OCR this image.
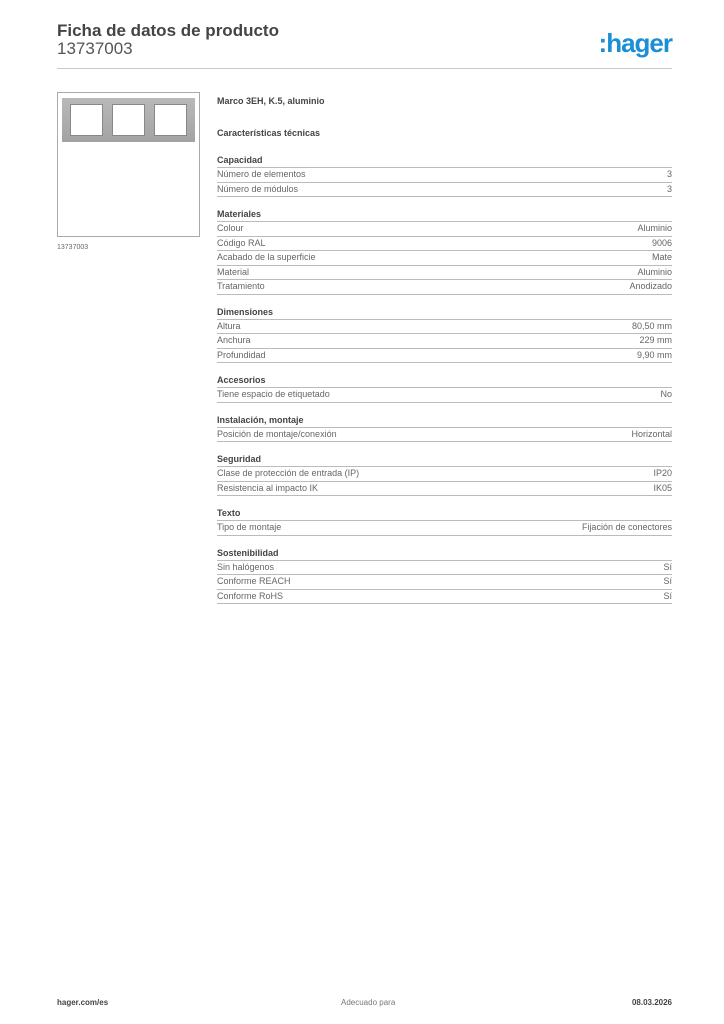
Ficha de datos de producto
13737003	:hager
13737003
Marco 3EH, K.5, aluminio
Características técnicas
Capacidad
Número de elementos	3
Número de módulos	3
Materiales
Colour	Aluminio
Código RAL	9006
Acabado de la superficie	Mate
Material	Aluminio
Tratamiento	Anodizado
Dimensiones
Altura	80,50 mm
Anchura	229 mm
Profundidad	9,90 mm
Accesorios
Tiene espacio de etiquetado	No
Instalación, montaje
Posición de montaje/conexión	Horizontal
Seguridad
Clase de protección de entrada (IP)	IP20
Resistencia al impacto IK	IK05
Texto
Tipo de montaje	Fijación de conectores
Sostenibilidad
Sin halógenos	Sí
Conforme REACH	Sí
Conforme RoHS	Sí
hager.com/es	Adecuado para	08.03.2026
